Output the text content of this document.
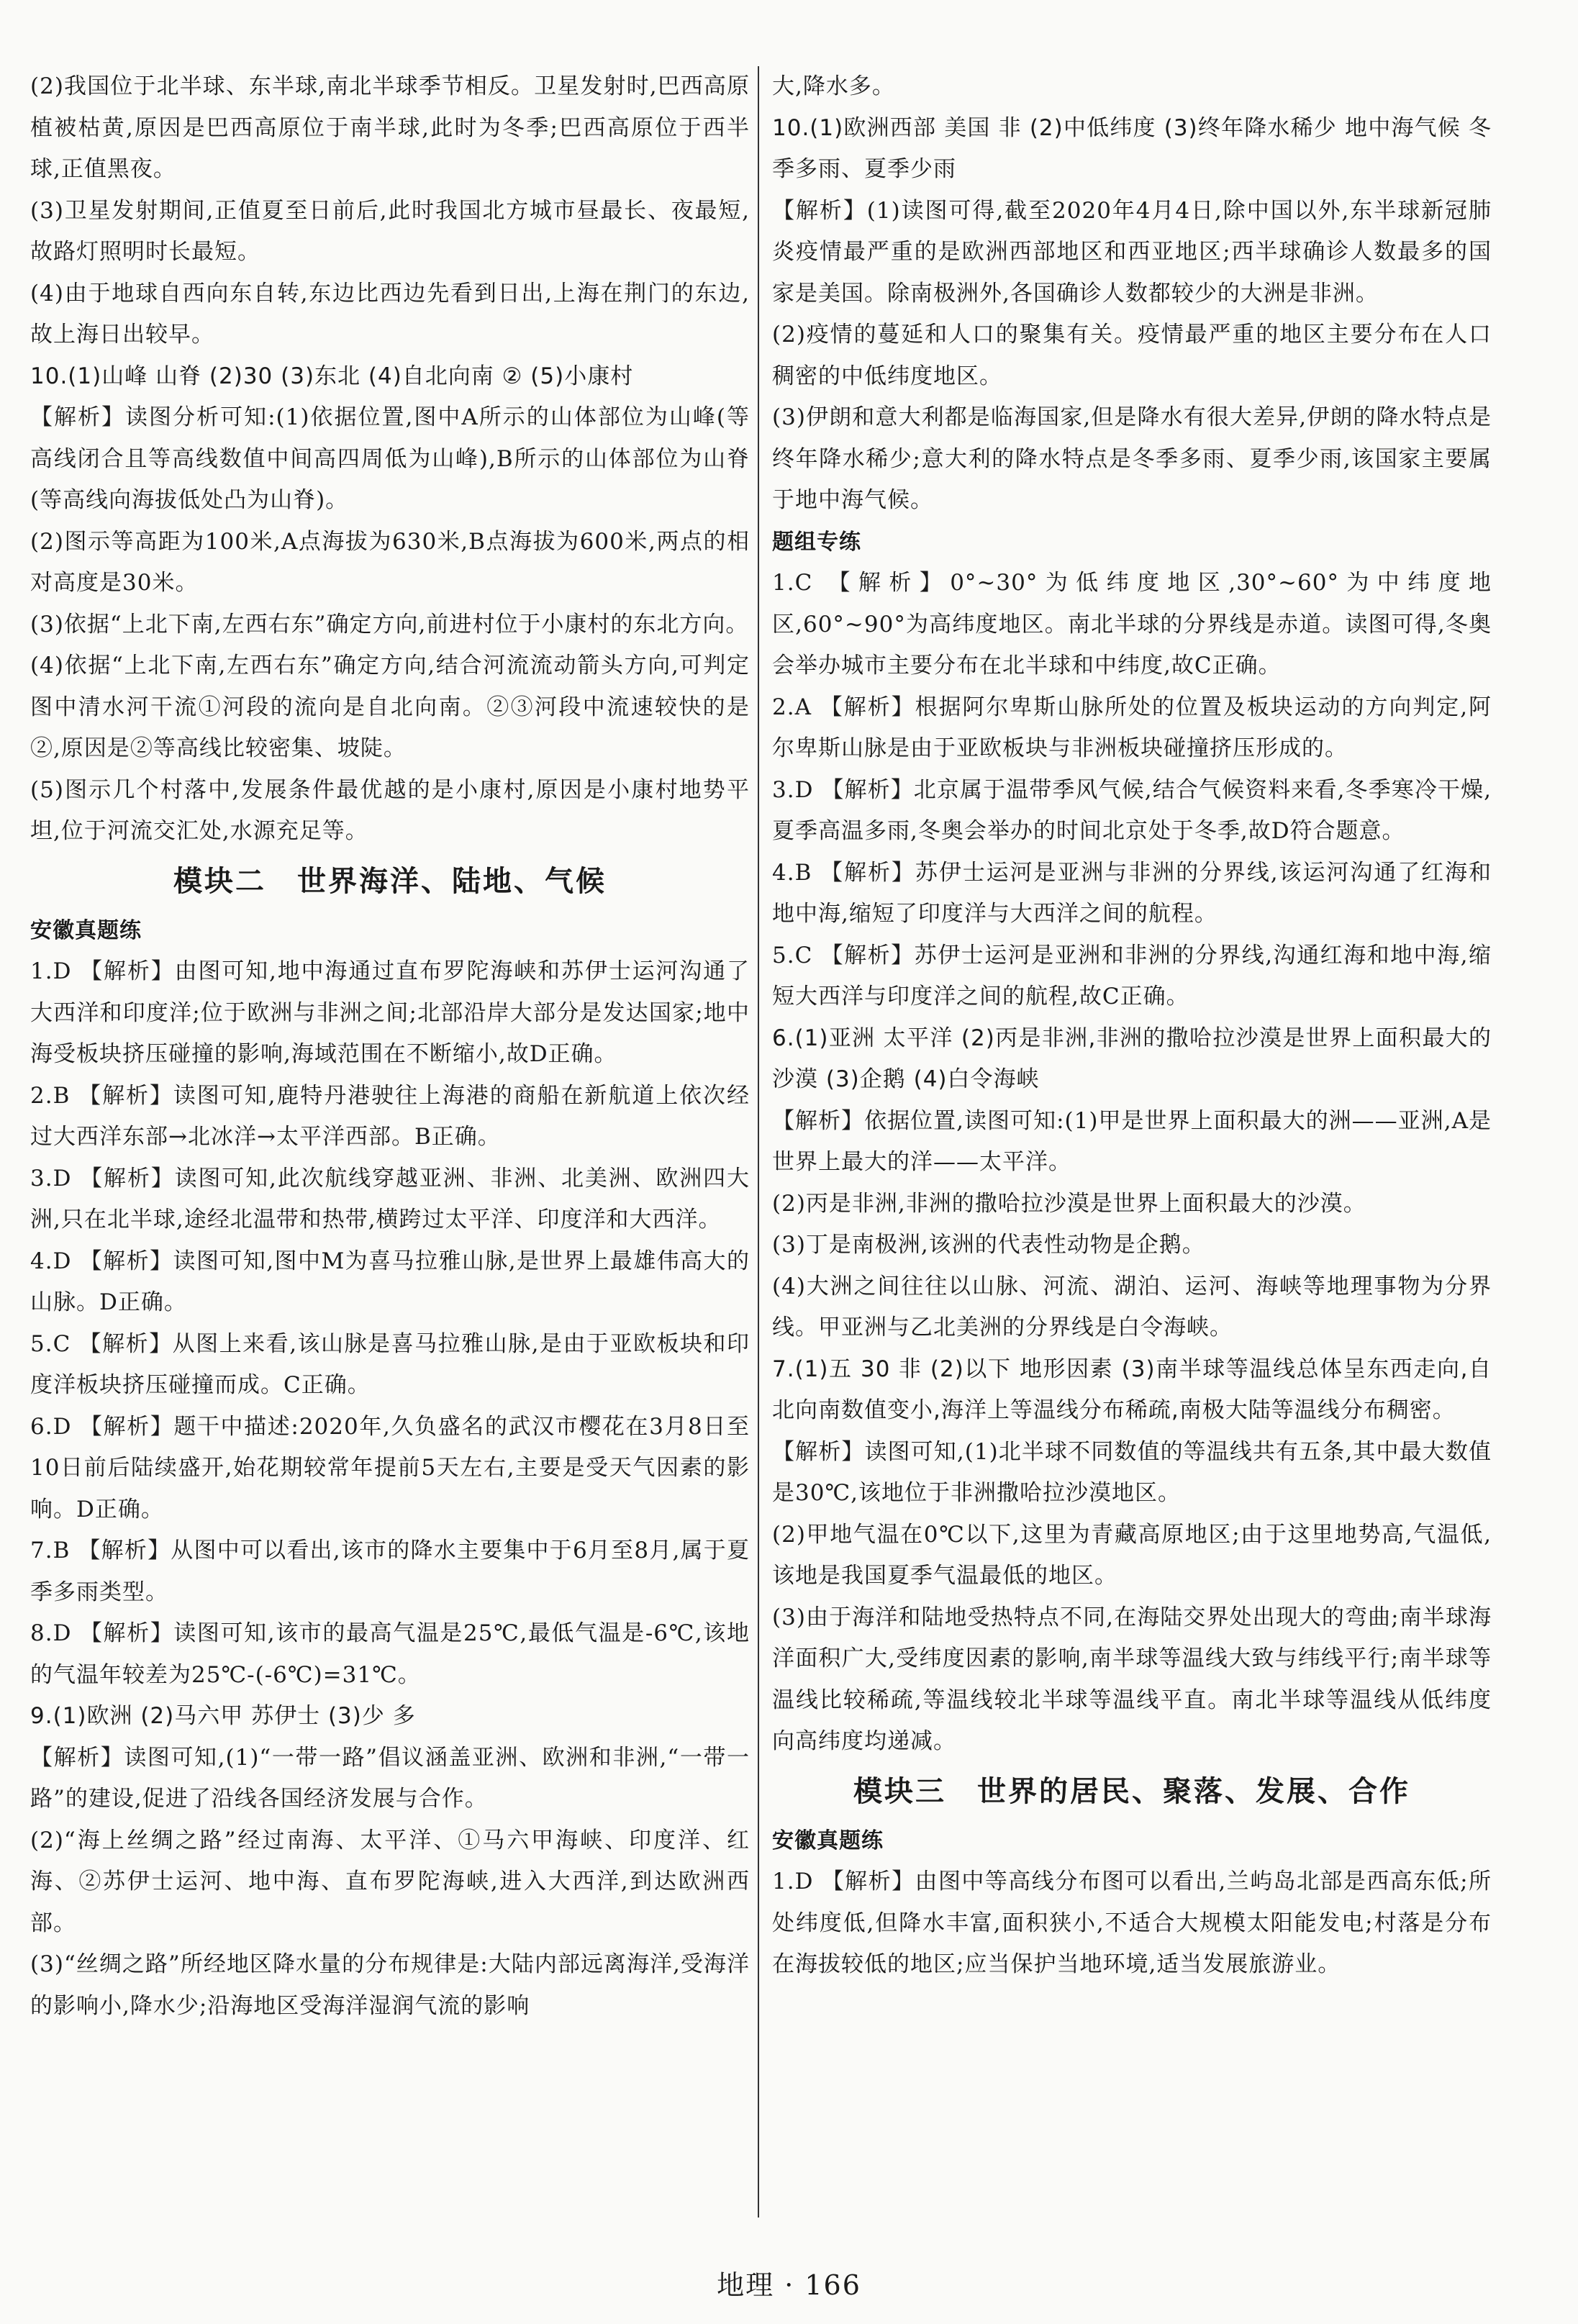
(2)我国位于北半球、东半球,南北半球季节相反。卫星发射时,巴西高原植被枯黄,原因是巴西高原位于南半球,此时为冬季;巴西高原位于西半球,正值黑夜。

(3)卫星发射期间,正值夏至日前后,此时我国北方城市昼最长、夜最短,故路灯照明时长最短。

(4)由于地球自西向东自转,东边比西边先看到日出,上海在荆门的东边,故上海日出较早。

10.(1)山峰 山脊 (2)30 (3)东北 (4)自北向南 ② (5)小康村

【解析】读图分析可知:(1)依据位置,图中A所示的山体部位为山峰(等高线闭合且等高线数值中间高四周低为山峰),B所示的山体部位为山脊(等高线向海拔低处凸为山脊)。

(2)图示等高距为100米,A点海拔为630米,B点海拔为600米,两点的相对高度是30米。

(3)依据“上北下南,左西右东”确定方向,前进村位于小康村的东北方向。

(4)依据“上北下南,左西右东”确定方向,结合河流流动箭头方向,可判定图中清水河干流①河段的流向是自北向南。②③河段中流速较快的是②,原因是②等高线比较密集、坡陡。

(5)图示几个村落中,发展条件最优越的是小康村,原因是小康村地势平坦,位于河流交汇处,水源充足等。

模块二　世界海洋、陆地、气候
安徽真题练

1.D 【解析】由图可知,地中海通过直布罗陀海峡和苏伊士运河沟通了大西洋和印度洋;位于欧洲与非洲之间;北部沿岸大部分是发达国家;地中海受板块挤压碰撞的影响,海域范围在不断缩小,故D正确。

2.B 【解析】读图可知,鹿特丹港驶往上海港的商船在新航道上依次经过大西洋东部→北冰洋→太平洋西部。B正确。

3.D 【解析】读图可知,此次航线穿越亚洲、非洲、北美洲、欧洲四大洲,只在北半球,途经北温带和热带,横跨过太平洋、印度洋和大西洋。

4.D 【解析】读图可知,图中M为喜马拉雅山脉,是世界上最雄伟高大的山脉。D正确。

5.C 【解析】从图上来看,该山脉是喜马拉雅山脉,是由于亚欧板块和印度洋板块挤压碰撞而成。C正确。

6.D 【解析】题干中描述:2020年,久负盛名的武汉市樱花在3月8日至10日前后陆续盛开,始花期较常年提前5天左右,主要是受天气因素的影响。D正确。

7.B 【解析】从图中可以看出,该市的降水主要集中于6月至8月,属于夏季多雨类型。

8.D 【解析】读图可知,该市的最高气温是25℃,最低气温是-6℃,该地的气温年较差为25℃-(-6℃)=31℃。

9.(1)欧洲 (2)马六甲 苏伊士 (3)少 多

【解析】读图可知,(1)“一带一路”倡议涵盖亚洲、欧洲和非洲,“一带一路”的建设,促进了沿线各国经济发展与合作。

(2)“海上丝绸之路”经过南海、太平洋、①马六甲海峡、印度洋、红海、②苏伊士运河、地中海、直布罗陀海峡,进入大西洋,到达欧洲西部。

(3)“丝绸之路”所经地区降水量的分布规律是:大陆内部远离海洋,受海洋的影响小,降水少;沿海地区受海洋湿润气流的影响

大,降水多。

10.(1)欧洲西部 美国 非 (2)中低纬度 (3)终年降水稀少 地中海气候 冬季多雨、夏季少雨

【解析】(1)读图可得,截至2020年4月4日,除中国以外,东半球新冠肺炎疫情最严重的是欧洲西部地区和西亚地区;西半球确诊人数最多的国家是美国。除南极洲外,各国确诊人数都较少的大洲是非洲。

(2)疫情的蔓延和人口的聚集有关。疫情最严重的地区主要分布在人口稠密的中低纬度地区。

(3)伊朗和意大利都是临海国家,但是降水有很大差异,伊朗的降水特点是终年降水稀少;意大利的降水特点是冬季多雨、夏季少雨,该国家主要属于地中海气候。

题组专练

1.C 【解析】0°~30°为低纬度地区,30°~60°为中纬度地区,60°~90°为高纬度地区。南北半球的分界线是赤道。读图可得,冬奥会举办城市主要分布在北半球和中纬度,故C正确。

2.A 【解析】根据阿尔卑斯山脉所处的位置及板块运动的方向判定,阿尔卑斯山脉是由于亚欧板块与非洲板块碰撞挤压形成的。

3.D 【解析】北京属于温带季风气候,结合气候资料来看,冬季寒冷干燥,夏季高温多雨,冬奥会举办的时间北京处于冬季,故D符合题意。

4.B 【解析】苏伊士运河是亚洲与非洲的分界线,该运河沟通了红海和地中海,缩短了印度洋与大西洋之间的航程。

5.C 【解析】苏伊士运河是亚洲和非洲的分界线,沟通红海和地中海,缩短大西洋与印度洋之间的航程,故C正确。

6.(1)亚洲 太平洋 (2)丙是非洲,非洲的撒哈拉沙漠是世界上面积最大的沙漠 (3)企鹅 (4)白令海峡

【解析】依据位置,读图可知:(1)甲是世界上面积最大的洲——亚洲,A是世界上最大的洋——太平洋。

(2)丙是非洲,非洲的撒哈拉沙漠是世界上面积最大的沙漠。

(3)丁是南极洲,该洲的代表性动物是企鹅。

(4)大洲之间往往以山脉、河流、湖泊、运河、海峡等地理事物为分界线。甲亚洲与乙北美洲的分界线是白令海峡。

7.(1)五 30 非 (2)以下 地形因素 (3)南半球等温线总体呈东西走向,自北向南数值变小,海洋上等温线分布稀疏,南极大陆等温线分布稠密。

【解析】读图可知,(1)北半球不同数值的等温线共有五条,其中最大数值是30℃,该地位于非洲撒哈拉沙漠地区。

(2)甲地气温在0℃以下,这里为青藏高原地区;由于这里地势高,气温低,该地是我国夏季气温最低的地区。

(3)由于海洋和陆地受热特点不同,在海陆交界处出现大的弯曲;南半球海洋面积广大,受纬度因素的影响,南半球等温线大致与纬线平行;南半球等温线比较稀疏,等温线较北半球等温线平直。南北半球等温线从低纬度向高纬度均递减。

模块三　世界的居民、聚落、发展、合作
安徽真题练

1.D 【解析】由图中等高线分布图可以看出,兰屿岛北部是西高东低;所处纬度低,但降水丰富,面积狭小,不适合大规模太阳能发电;村落是分布在海拔较低的地区;应当保护当地环境,适当发展旅游业。

地理 · 166
